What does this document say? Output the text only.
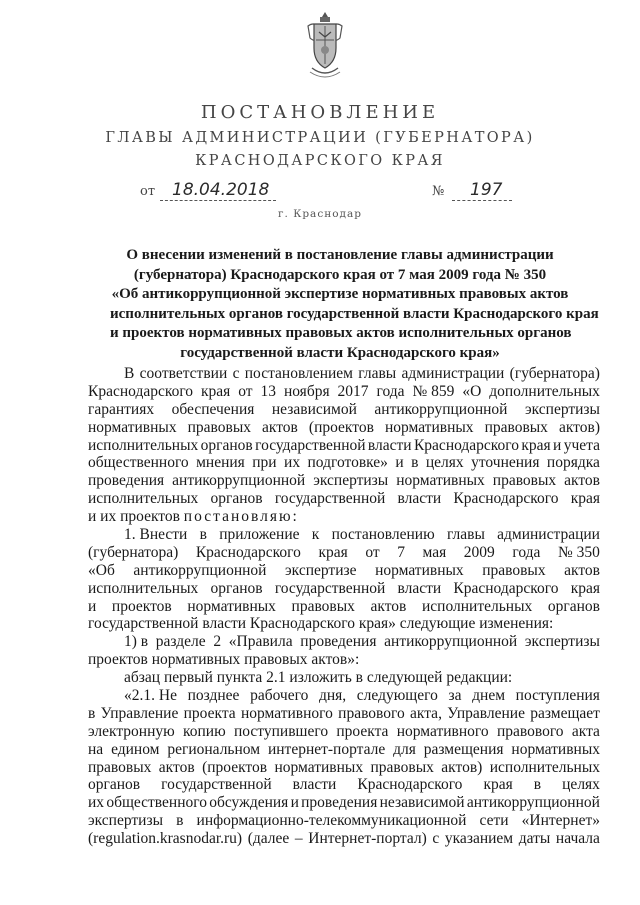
ПОСТАНОВЛЕНИЕ
ГЛАВЫ АДМИНИСТРАЦИИ (ГУБЕРНАТОРА)
КРАСНОДАРСКОГО КРАЯ
от 18.04.2018	№ 197
г. Краснодар
О внесении изменений в постановление главы администрации
(губернатора) Краснодарского края от 7 мая 2009 года № 350
«Об антикоррупционной экспертизе нормативных правовых актов
исполнительных органов государственной власти Краснодарского края
и проектов нормативных правовых актов исполнительных органов
государственной власти Краснодарского края»
В соответствии с постановлением главы администрации (губернатора)
Краснодарского края от 13 ноября 2017 года № 859 «О дополнительных
гарантиях обеспечения независимой антикоррупционной экспертизы
нормативных правовых актов (проектов нормативных правовых актов)
исполнительных органов государственной власти Краснодарского края и учета
общественного мнения при их подготовке» и в целях уточнения порядка
проведения антикоррупционной экспертизы нормативных правовых актов
исполнительных органов государственной власти Краснодарского края
и их проектов постановляю:
1. Внести в приложение к постановлению главы администрации
(губернатора) Краснодарского края от 7 мая 2009 года № 350
«Об антикоррупционной экспертизе нормативных правовых актов
исполнительных органов государственной власти Краснодарского края
и проектов нормативных правовых актов исполнительных органов
государственной власти Краснодарского края» следующие изменения:
1) в разделе 2 «Правила проведения антикоррупционной экспертизы
проектов нормативных правовых актов»:
абзац первый пункта 2.1 изложить в следующей редакции:
«2.1. Не позднее рабочего дня, следующего за днем поступления
в Управление проекта нормативного правового акта, Управление размещает
электронную копию поступившего проекта нормативного правового акта
на едином региональном интернет-портале для размещения нормативных
правовых актов (проектов нормативных правовых актов) исполнительных
органов государственной власти Краснодарского края в целях
их общественного обсуждения и проведения независимой антикоррупционной
экспертизы в информационно-телекоммуникационной сети «Интернет»
(regulation.krasnodar.ru) (далее – Интернет-портал) с указанием даты начала
